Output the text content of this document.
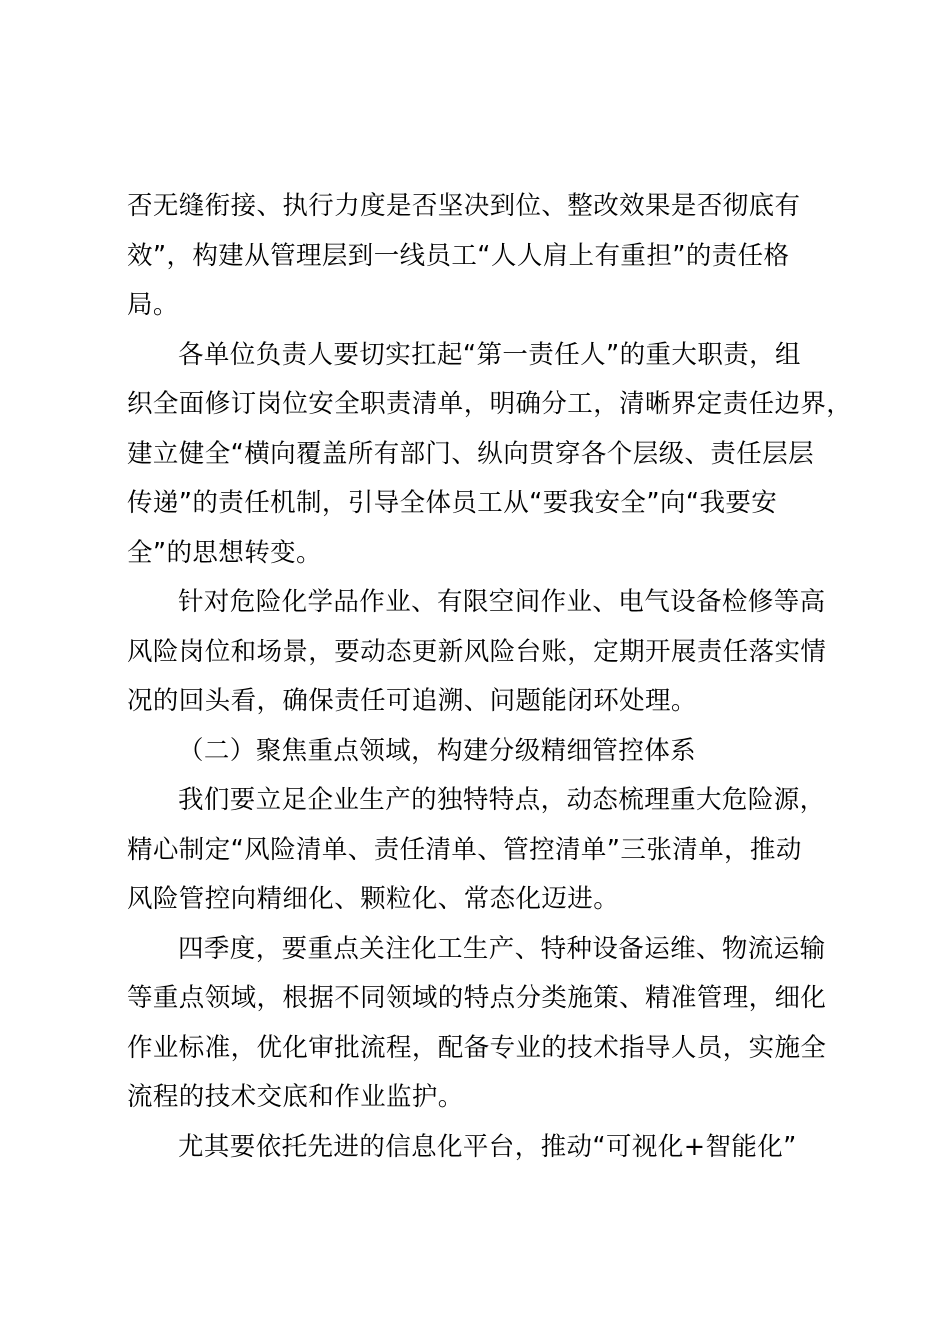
否无缝衔接、执行力度是否坚决到位、整改效果是否彻底有
效”，构建从管理层到一线员工“人人肩上有重担”的责任格
局。
各单位负责人要切实扛起“第一责任人”的重大职责，组
织全面修订岗位安全职责清单，明确分工，清晰界定责任边界，
建立健全“横向覆盖所有部门、纵向贯穿各个层级、责任层层
传递”的责任机制，引导全体员工从“要我安全”向“我要安
全”的思想转变。
针对危险化学品作业、有限空间作业、电气设备检修等高
风险岗位和场景，要动态更新风险台账，定期开展责任落实情
况的回头看，确保责任可追溯、问题能闭环处理。
（二）聚焦重点领域，构建分级精细管控体系
我们要立足企业生产的独特特点，动态梳理重大危险源，
精心制定“风险清单、责任清单、管控清单”三张清单，推动
风险管控向精细化、颗粒化、常态化迈进。
四季度，要重点关注化工生产、特种设备运维、物流运输
等重点领域，根据不同领域的特点分类施策、精准管理，细化
作业标准，优化审批流程，配备专业的技术指导人员，实施全
流程的技术交底和作业监护。
尤其要依托先进的信息化平台，推动“可视化+智能化”
